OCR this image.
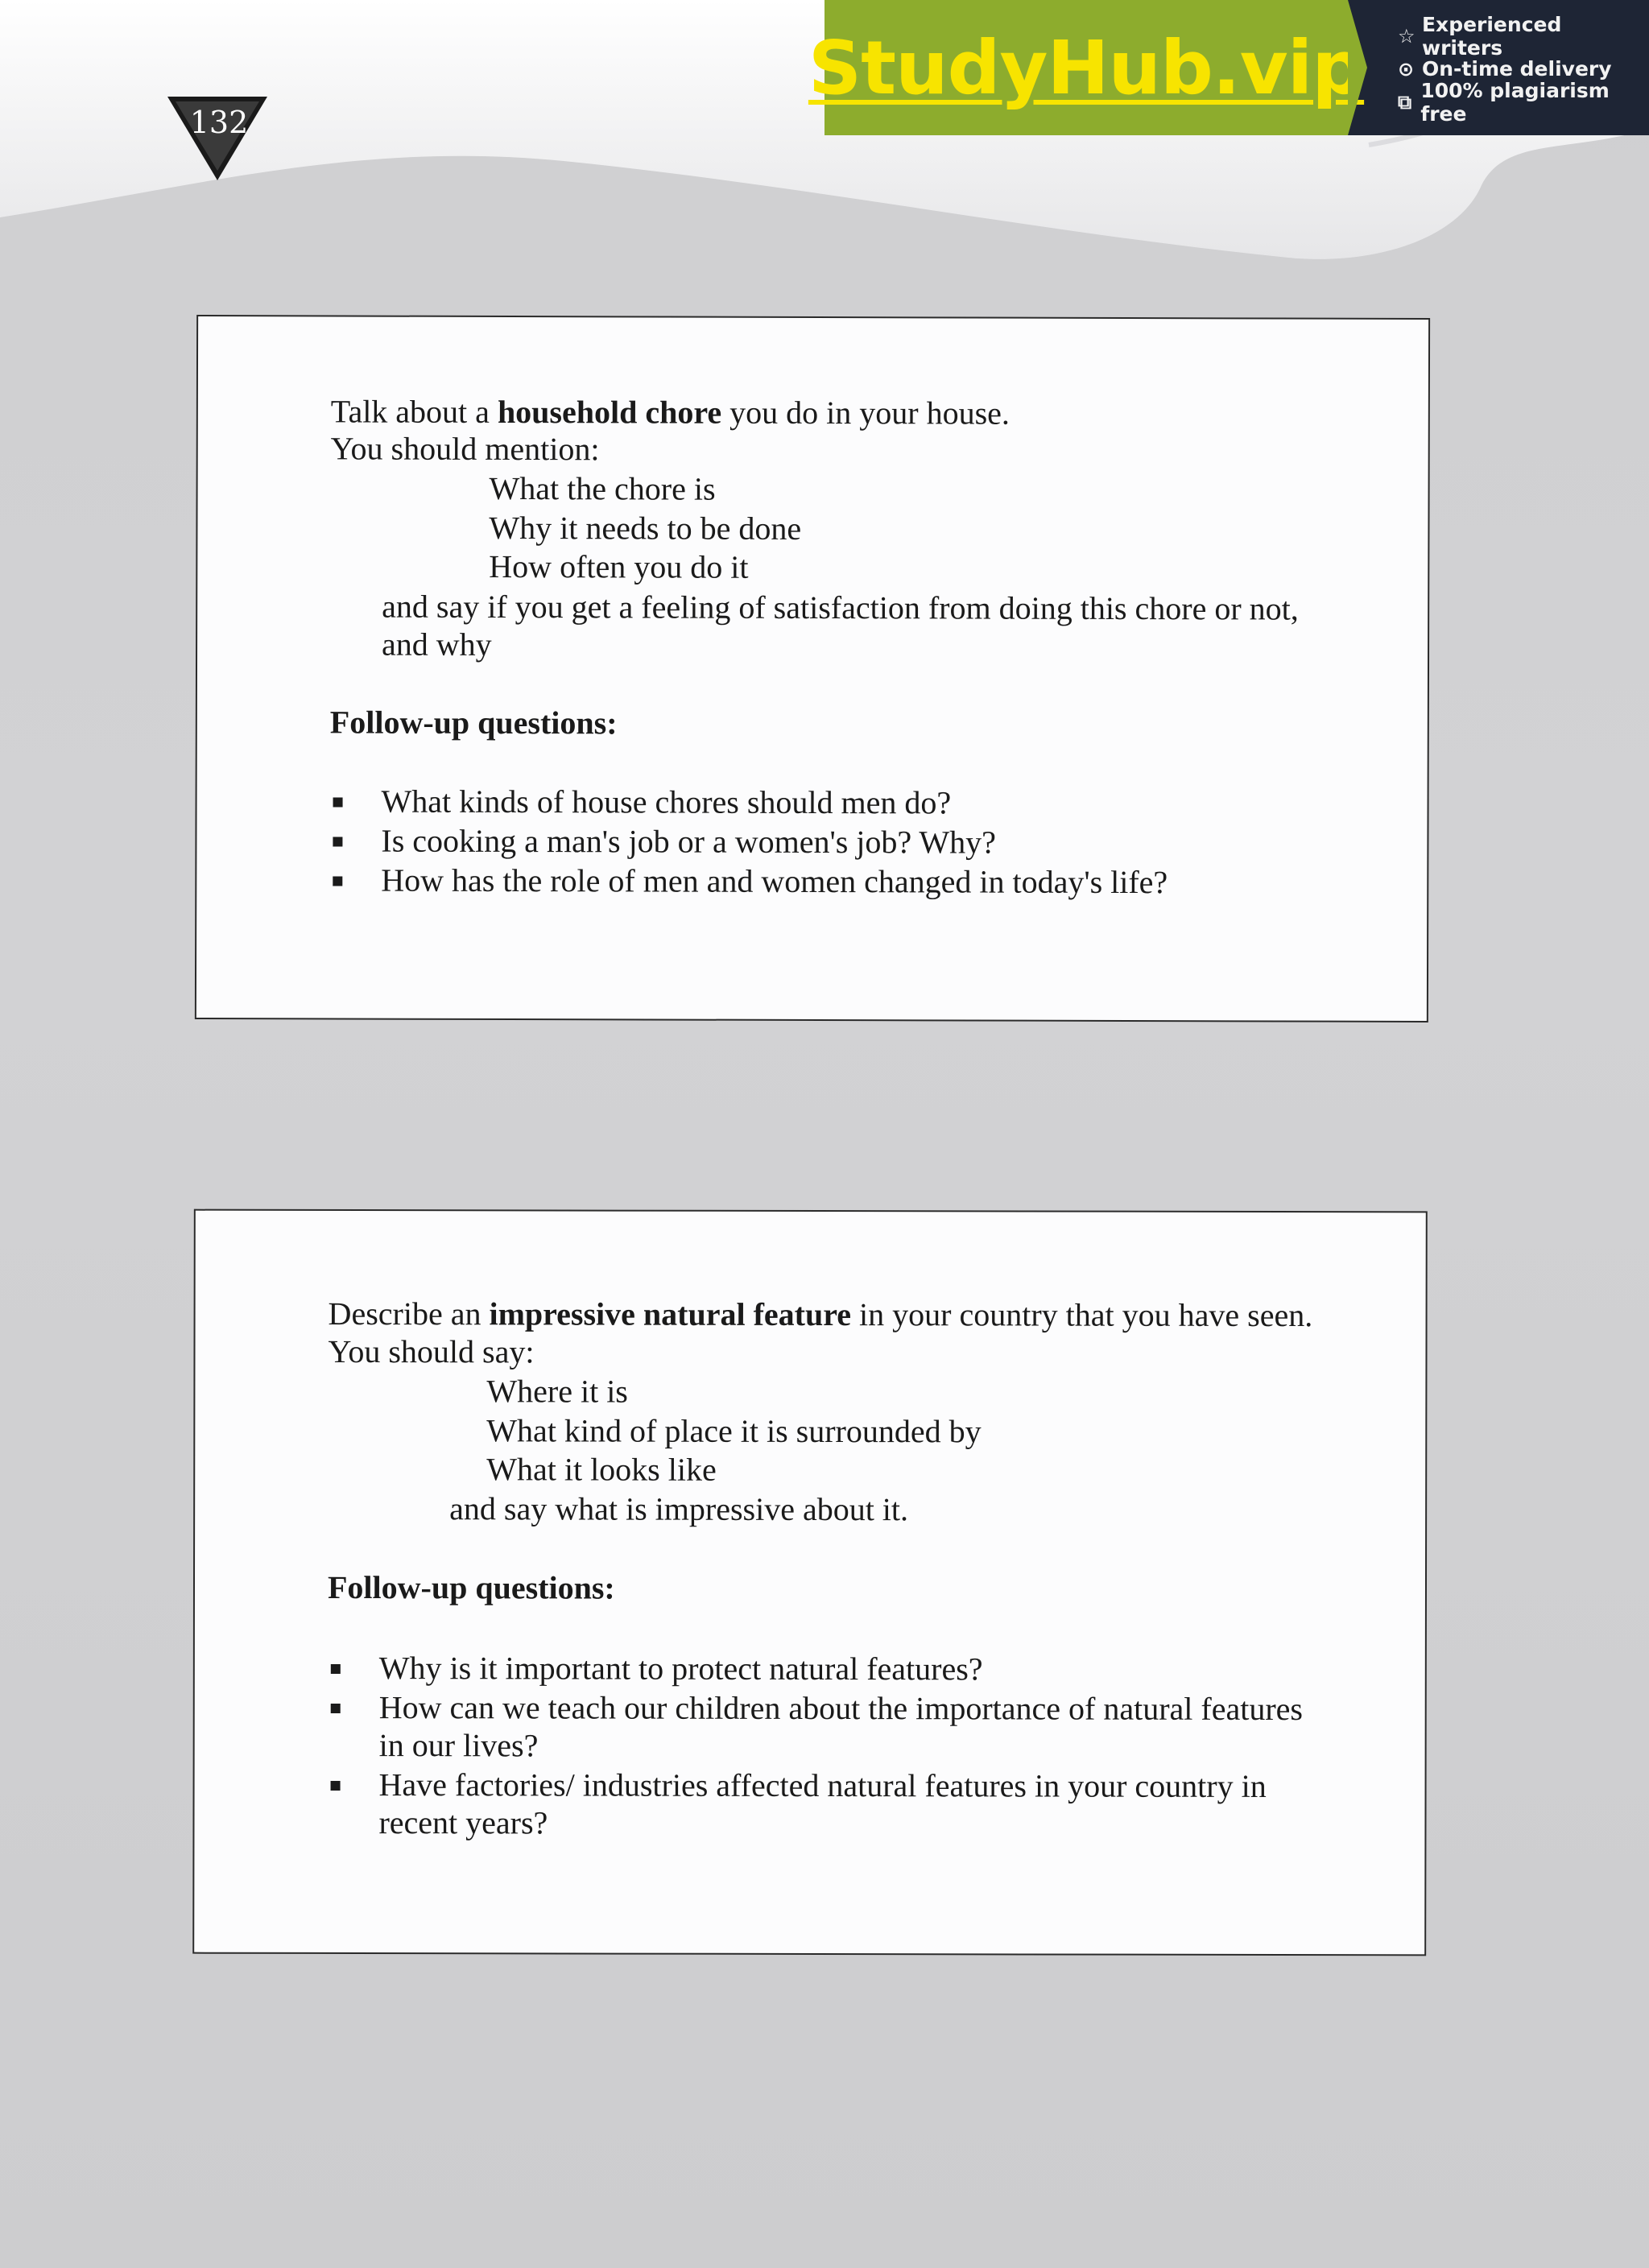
132
StudyHub.vip ☆ Experienced writers
⊙ On-time delivery
⧉ 100% plagiarism free
Talk about a household chore you do in your house.
You should mention:
What the chore is
Why it needs to be done
How often you do it
and say if you get a feeling of satisfaction from doing this chore or not,
and why
Follow-up questions:
What kinds of house chores should men do?
Is cooking a man's job or a women's job? Why?
How has the role of men and women changed in today's life?
Describe an impressive natural feature in your country that you have seen.
You should say:
Where it is
What kind of place it is surrounded by
What it looks like
and say what is impressive about it.
Follow-up questions:
Why is it important to protect natural features?
How can we teach our children about the importance of natural features
in our lives?
Have factories/ industries affected natural features in your country in
recent years?
